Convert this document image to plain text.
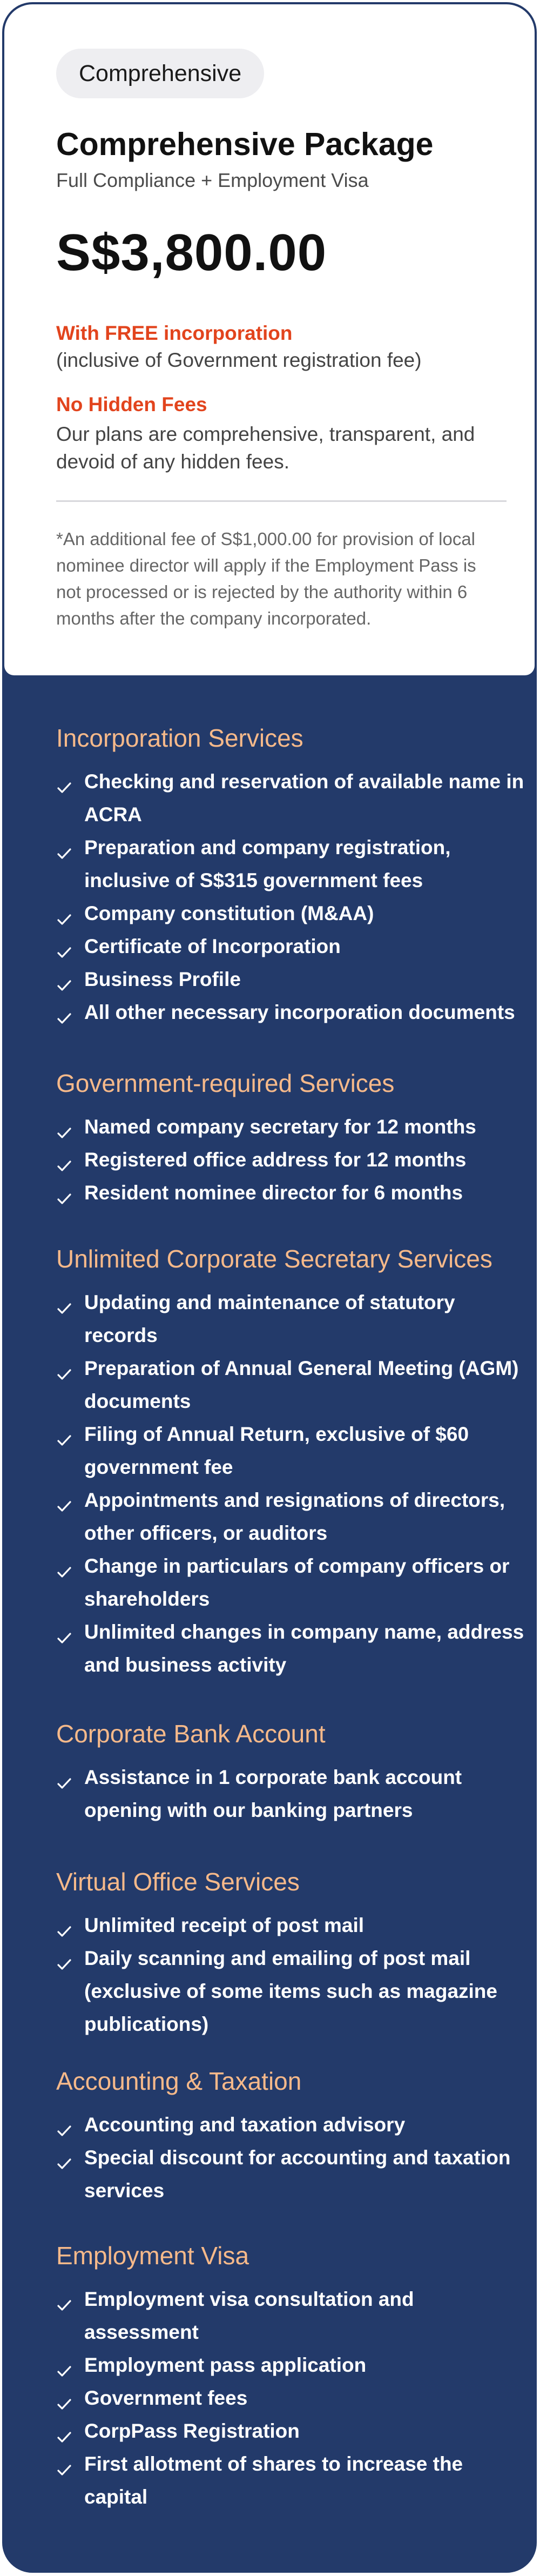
Comprehensive
Comprehensive Package
Full Compliance + Employment Visa
S$3,800.00
With FREE incorporation
(inclusive of Government registration fee)
No Hidden Fees
Our plans are comprehensive, transparent, and devoid of any hidden fees.
*An additional fee of S$1,000.00 for provision of local nominee director will apply if the Employment Pass is not processed or is rejected by the authority within 6 months after the company incorporated.
Incorporation Services
Checking and reservation of available name in ACRA
Preparation and company registration, inclusive of S$315 government fees
Company constitution (M&AA)
Certificate of Incorporation
Business Profile
All other necessary incorporation documents
Government-required Services
Named company secretary for 12 months
Registered office address for 12 months
Resident nominee director for 6 months
Unlimited Corporate Secretary Services
Updating and maintenance of statutory records
Preparation of Annual General Meeting (AGM) documents
Filing of Annual Return, exclusive of $60 government fee
Appointments and resignations of directors, other officers, or auditors
Change in particulars of company officers or shareholders
Unlimited changes in company name, address and business activity
Corporate Bank Account
Assistance in 1 corporate bank account opening with our banking partners
Virtual Office Services
Unlimited receipt of post mail
Daily scanning and emailing of post mail (exclusive of some items such as magazine publications)
Accounting & Taxation
Accounting and taxation advisory
Special discount for accounting and taxation services
Employment Visa
Employment visa consultation and assessment
Employment pass application
Government fees
CorpPass Registration
First allotment of shares to increase the capital
